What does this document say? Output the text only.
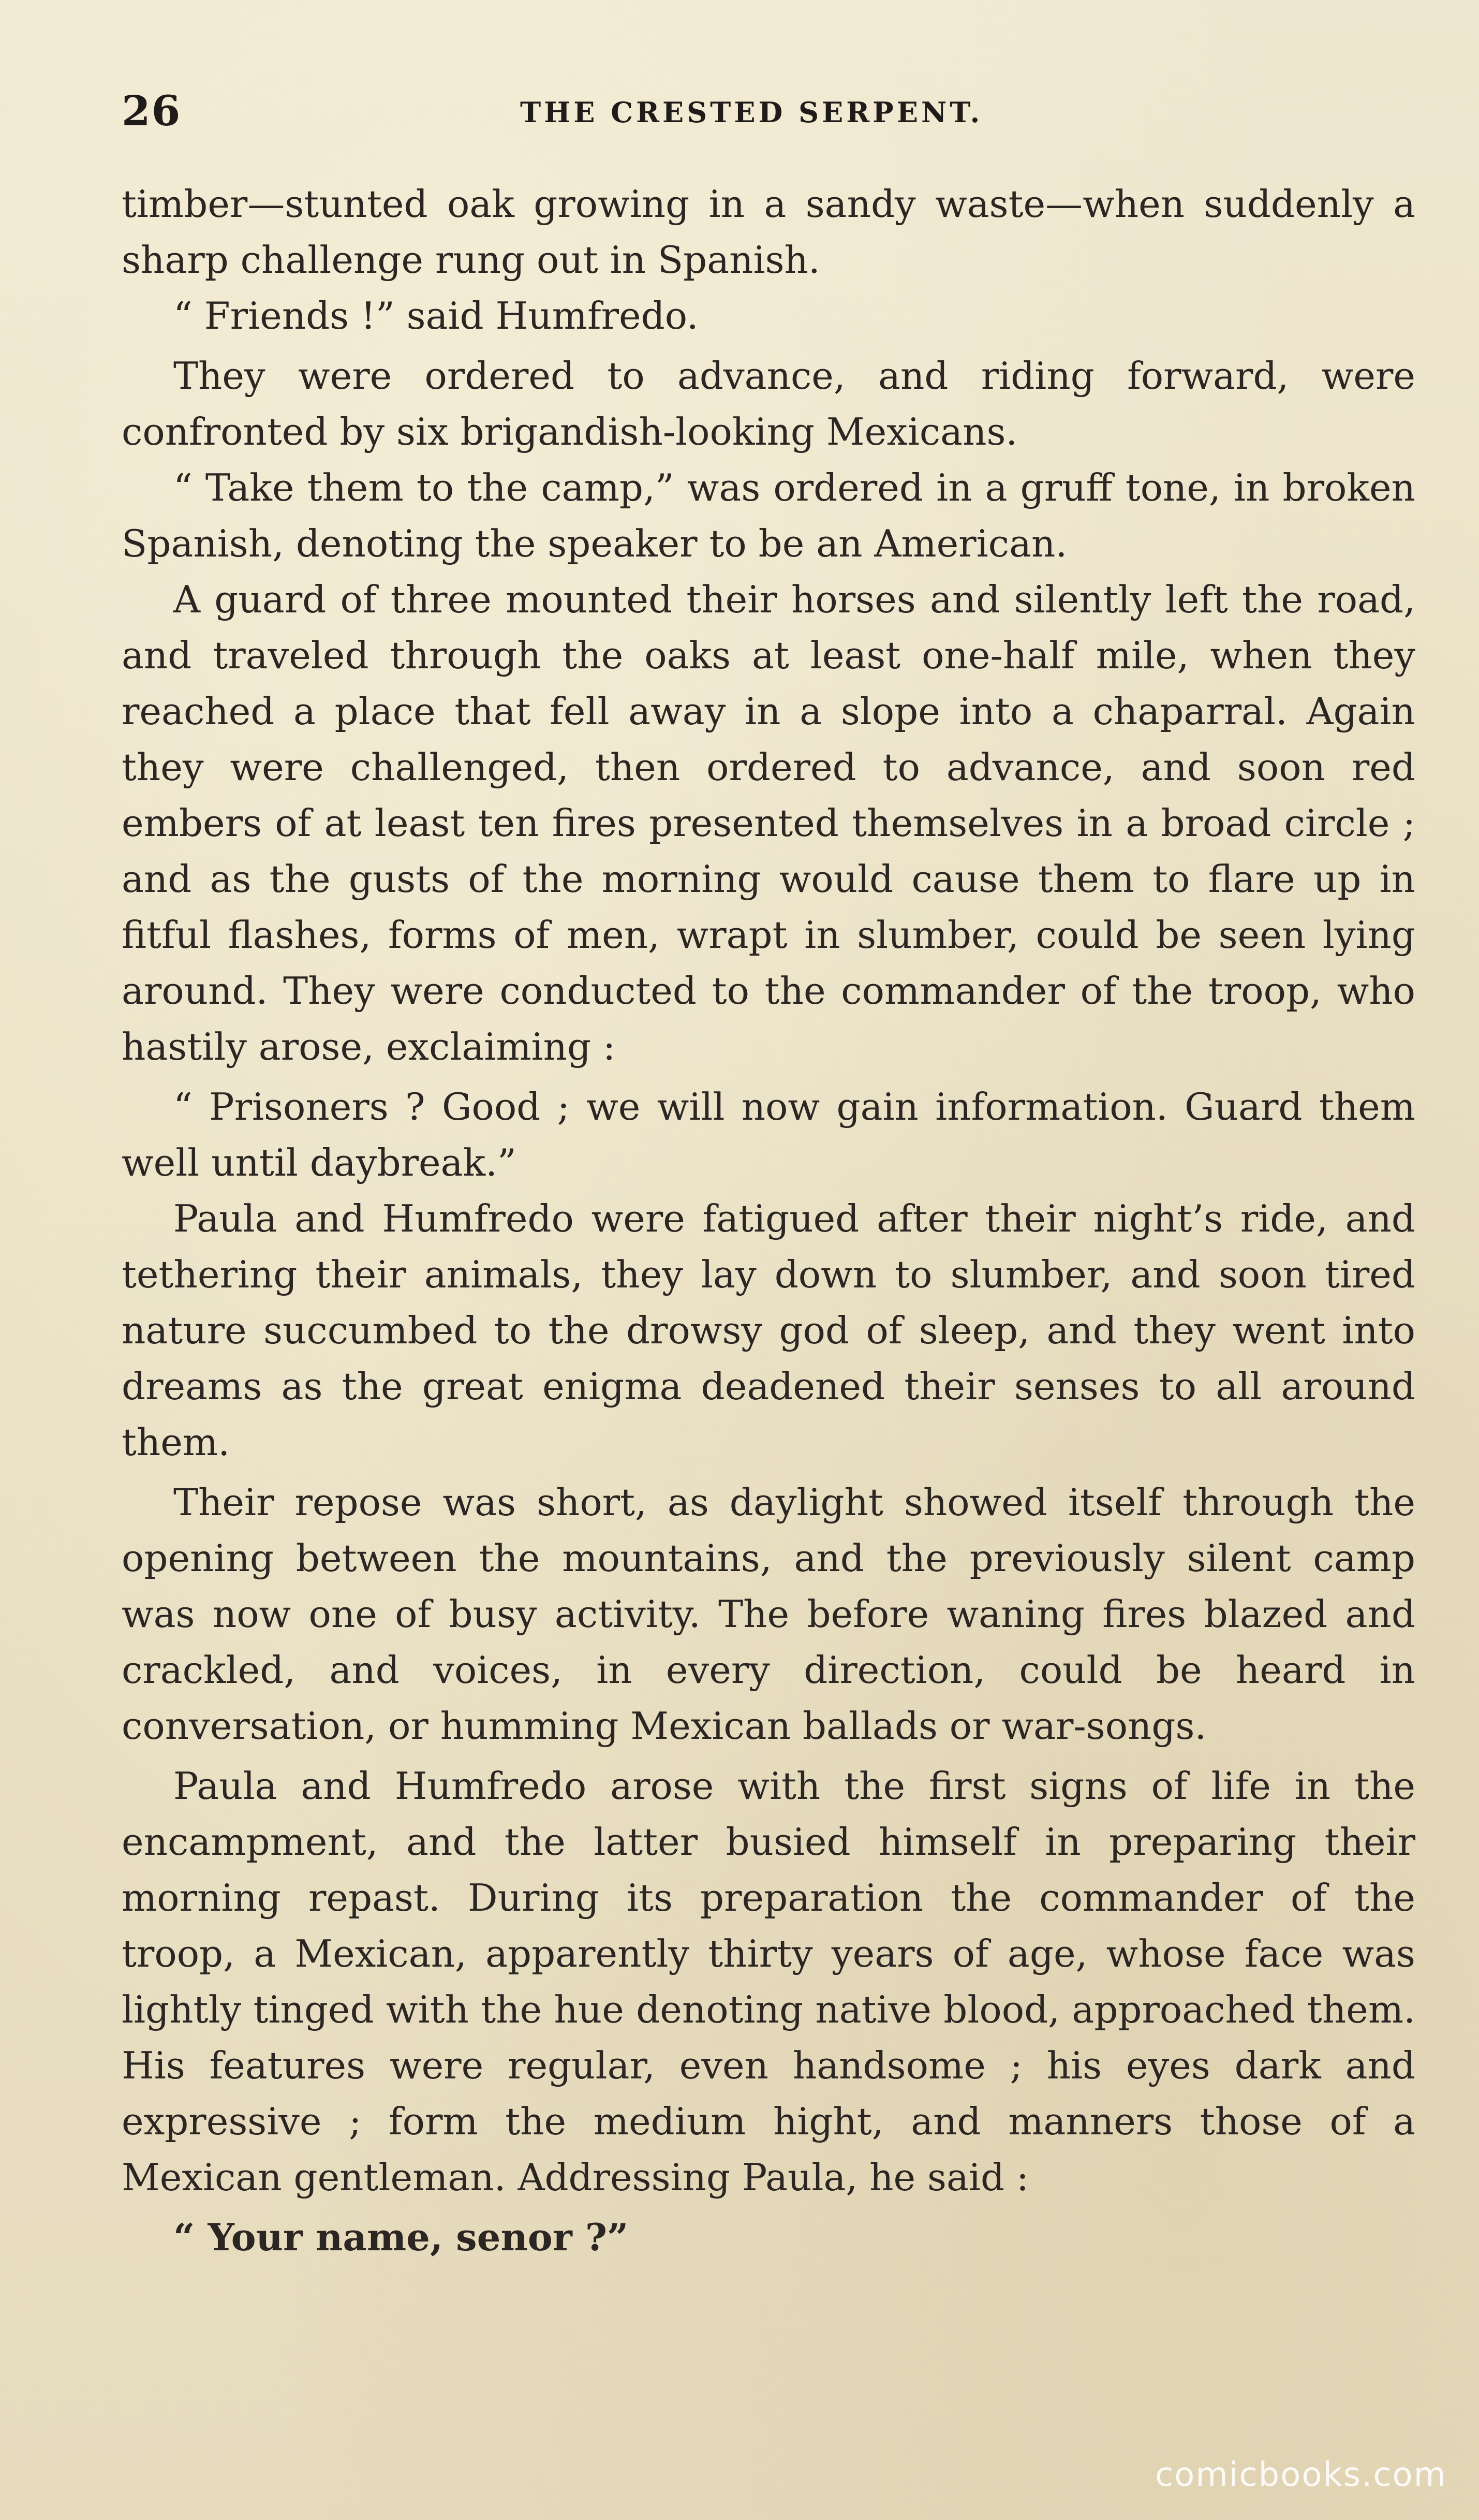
26	THE CRESTED SERPENT.

timber—stunted oak growing in a sandy waste—when suddenly a sharp challenge rung out in Spanish.

“ Friends !” said Humfredo.

They were ordered to advance, and riding forward, were confronted by six brigandish-looking Mexicans.

“ Take them to the camp,” was ordered in a gruff tone, in broken Spanish, denoting the speaker to be an American.

A guard of three mounted their horses and silently left the road, and traveled through the oaks at least one-half mile, when they reached a place that fell away in a slope into a chaparral. Again they were challenged, then ordered to advance, and soon red embers of at least ten fires presented themselves in a broad circle ; and as the gusts of the morning would cause them to flare up in fitful flashes, forms of men, wrapt in slumber, could be seen lying around. They were conducted to the commander of the troop, who hastily arose, exclaiming :

“ Prisoners ? Good ; we will now gain information. Guard them well until daybreak.”

Paula and Humfredo were fatigued after their night’s ride, and tethering their animals, they lay down to slumber, and soon tired nature succumbed to the drowsy god of sleep, and they went into dreams as the great enigma deadened their senses to all around them.

Their repose was short, as daylight showed itself through the opening between the mountains, and the previously silent camp was now one of busy activity. The before waning fires blazed and crackled, and voices, in every direction, could be heard in conversation, or humming Mexican ballads or war-songs.

Paula and Humfredo arose with the first signs of life in the encampment, and the latter busied himself in preparing their morning repast. During its preparation the commander of the troop, a Mexican, apparently thirty years of age, whose face was lightly tinged with the hue denoting native blood, approached them. His features were regular, even handsome ; his eyes dark and expressive ; form the medium hight, and manners those of a Mexican gentleman. Addressing Paula, he said :

“ Your name, senor ?”

comicbooks.com
